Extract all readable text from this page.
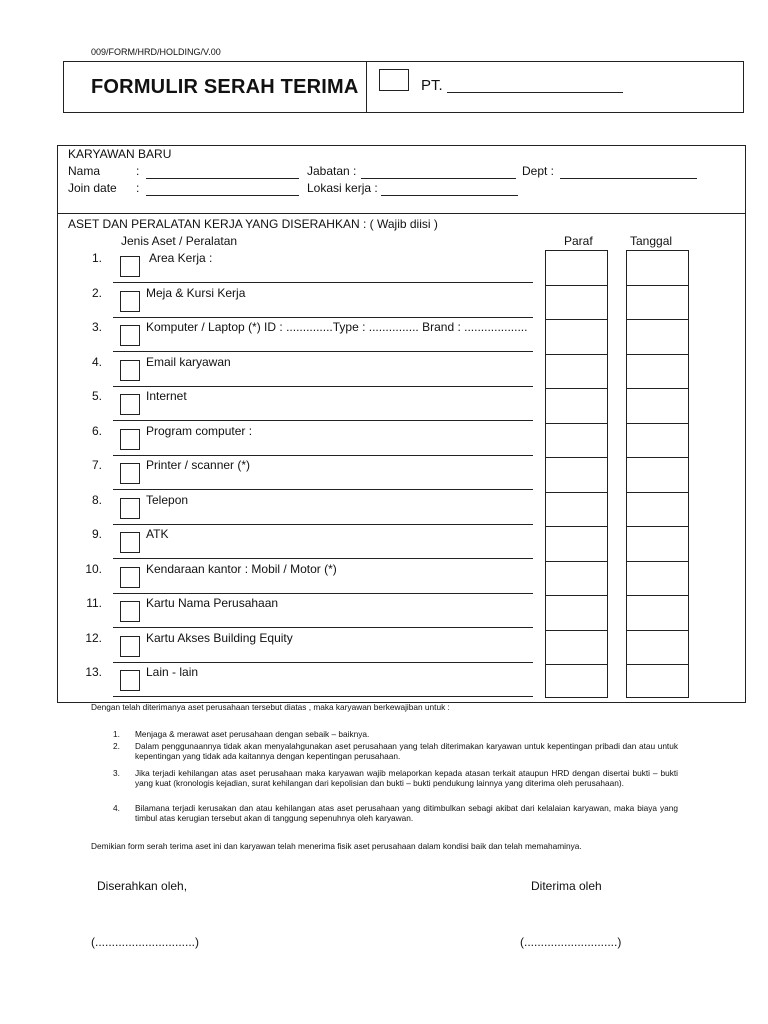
009/FORM/HRD/HOLDING/V.00
FORMULIR SERAH TERIMA	PT.
KARYAWAN BARU
Nama	:	Jabatan :	Dept :
Join date :	Lokasi kerja :
ASET DAN PERALATAN KERJA YANG DISERAHKAN : ( Wajib diisi )
Jenis Aset / Peralatan	Paraf	Tanggal
1.	Area Kerja :
2.	Meja & Kursi Kerja
3.	Komputer / Laptop (*) ID : ..............Type : ............... Brand : ...................
4.	Email karyawan
5.	Internet
6.	Program computer :
7.	Printer / scanner (*)
8.	Telepon
9.	ATK
10.	Kendaraan kantor : Mobil / Motor (*)
11.	Kartu Nama Perusahaan
12.	Kartu Akses Building Equity
13.	Lain - lain
Dengan telah diterimanya aset perusahaan tersebut diatas , maka karyawan berkewajiban untuk :
1. Menjaga & merawat aset perusahaan dengan sebaik – baiknya.
2. Dalam penggunaannya tidak akan menyalahgunakan aset perusahaan yang telah diterimakan karyawan untuk kepentingan pribadi dan atau untuk kepentingan yang tidak ada kaitannya dengan kepentingan perusahaan.
3. Jika terjadi kehilangan atas aset perusahaan maka karyawan wajib melaporkan kepada atasan terkait ataupun HRD dengan disertai bukti – bukti yang kuat (kronologis kejadian, surat kehilangan dari kepolisian dan bukti – bukti pendukung lainnya yang diterima oleh perusahaan).
4. Bilamana terjadi kerusakan dan atau kehilangan atas aset perusahaan yang ditimbulkan sebagi akibat dari kelalaian karyawan, maka biaya yang timbul atas kerugian tersebut akan di tanggung sepenuhnya oleh karyawan.
Demikian form serah terima aset ini dan karyawan telah menerima fisik aset perusahaan dalam kondisi baik dan telah memahaminya.
Diserahkan oleh,	Diterima oleh
(..............................)	(............................)
